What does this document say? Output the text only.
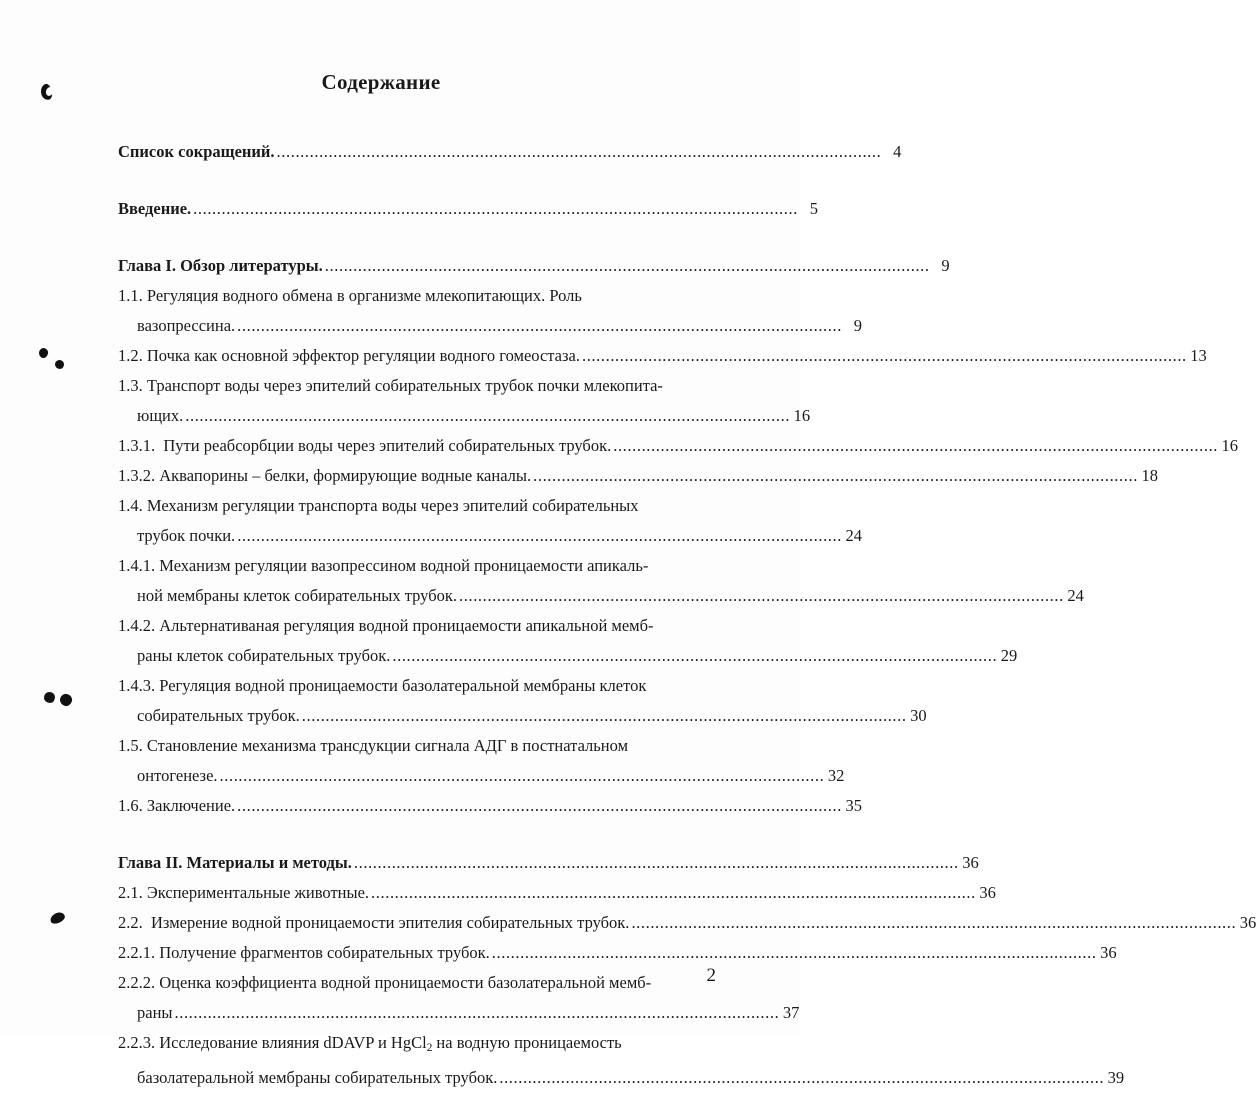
Содержание
Список сокращений. .....	4
Введение. .....	5
Глава I. Обзор литературы. .....	9
1.1. Регуляция водного обмена в организме млекопитающих. Роль
вазопрессина. .....	9
1.2. Почка как основной эффектор регуляции водного гомеостаза. .....	13
1.3. Транспорт воды через эпителий собирательных трубок почки млекопита-
ющих. .....	16
1.3.1.  Пути реабсорбции воды через эпителий собирательных трубок. .....	16
1.3.2. Аквапорины – белки, формирующие водные каналы. .....	18
1.4. Механизм регуляции транспорта воды через эпителий собирательных
трубок почки. .....	24
1.4.1. Механизм регуляции вазопрессином водной проницаемости апикаль-
ной мембраны клеток собирательных трубок. .....	24
1.4.2. Альтернативаная регуляция водной проницаемости апикальной мемб-
раны клеток собирательных трубок. .....	29
1.4.3. Регуляция водной проницаемости базолатеральной мембраны клеток
собирательных трубок. .....	30
1.5. Становление механизма трансдукции сигнала АДГ в постнатальном
онтогенезе. .....	32
1.6. Заключение. .....	35
Глава II. Материалы и методы. .....	36
2.1. Экспериментальные животные. .....	36
2.2.  Измерение водной проницаемости эпителия собирательных трубок. .....	36
2.2.1. Получение фрагментов собирательных трубок. .....	36
2.2.2. Оценка коэффициента водной проницаемости базолатеральной мемб-
раны .....	37
2.2.3. Исследование влияния dDAVP и HgCl$_2$ на водную проницаемость
базолатеральной мембраны собирательных трубок. .....	39
2
